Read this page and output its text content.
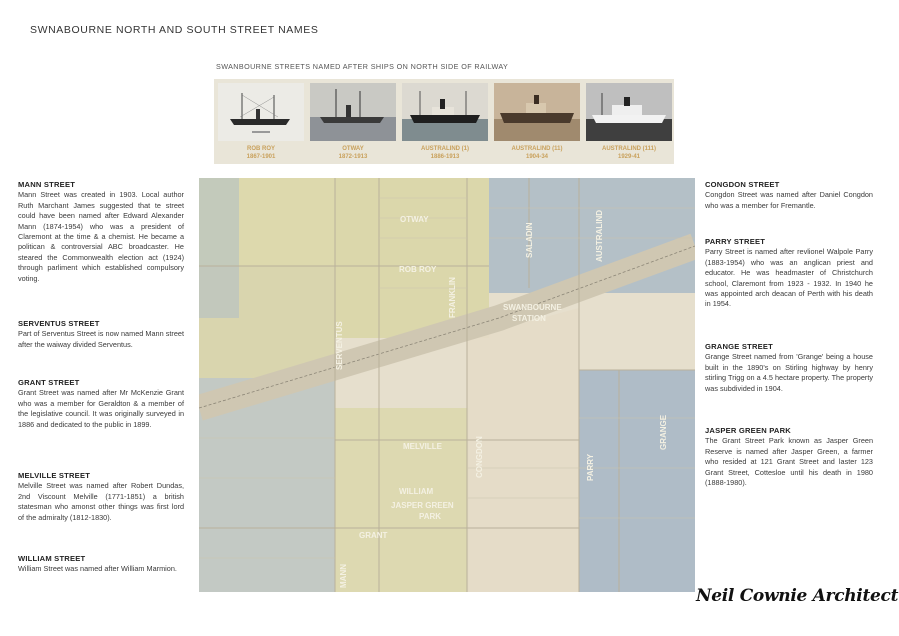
SWNABOURNE NORTH AND SOUTH STREET NAMES
SWANBOURNE STREETS NAMED AFTER SHIPS ON NORTH SIDE OF RAILWAY
ROB ROY
1867-1901
OTWAY
1872-1913
AUSTRALIND (1)
1886-1913
AUSTRALIND (11)
1904-34
AUSTRALIND (111)
1929-41
MANN STREET
Mann Street was created in 1903. Local author Ruth Marchant James suggested that te street could have been named after Edward Alexander Mann (1874-1954) who was a president of Claremont at the time & a chemist. He became a politican & controversial ABC broadcaster. He steared the Commonwealth election act (1924) through parliment which established compulsory voting.
SERVENTUS STREET
Part of Serventus Street is now named Mann street after the waiway divided Serventus.
GRANT STREET
Grant Street was named after Mr McKenzie Grant who was a member for Geraldton & a member of the legislative council. It was originally surveyed in 1886 and dedicated to the public in 1899.
MELVILLE STREET
Melville Street was named after Robert Dundas, 2nd Viscount Melville (1771-1851) a british statesman who amonst other things was first lord of the admiralty (1812-1830).
WILLIAM STREET
William Street was named after William Marmion.
CONGDON STREET
Congdon Street was named after Daniel Congdon who was a member for Fremantle.
PARRY STREET
Parry Street is named after revlionel Walpole Parry (1883-1954) who was an anglican priest and educator. He was headmaster of Christchurch school, Claremont from 1923 - 1932. In 1940 he was appointed arch deacan of Perth with his death in 1954.
GRANGE STREET
Grange Street named from 'Grange' being a house built in the 1890's on Stirling highway by henry stirling Trigg on a 4.5 hectare property. The property was subdivided in 1904.
JASPER GREEN PARK
The Grant Street Park known as Jasper Green Reserve is named after Jasper Green, a farmer who resided at 121 Grant Street and laster 123 Grant Street, Cottesloe until his death in 1980 (1888-1980).
OTWAY
ROB ROY
FRANKLIN
SALADIN	AUSTRALIND
SWANBOURNE
STATION
SERVENTUS
MELVILLE	CONGDON	PARRY
GRANGE
WILLIAM
JASPER GREEN
PARK
GRANT
MANN
Neil Cownie Architect
